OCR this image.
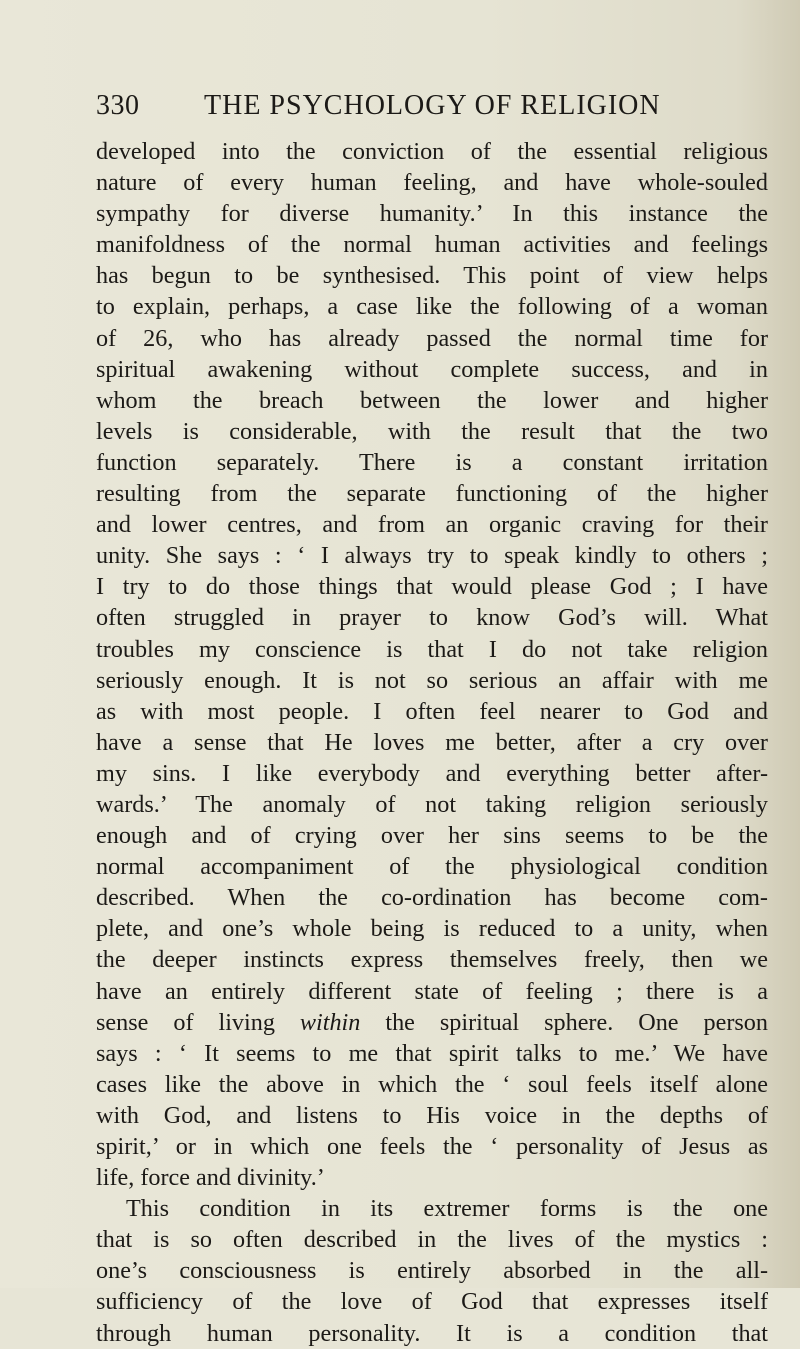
330 THE PSYCHOLOGY OF RELIGION
developed into the conviction of the essential religious
nature of every human feeling, and have whole-souled
sympathy for diverse humanity.’ In this instance the
manifoldness of the normal human activities and feelings
has begun to be synthesised. This point of view helps
to explain, perhaps, a case like the following of a woman
of 26, who has already passed the normal time for
spiritual awakening without complete success, and in
whom the breach between the lower and higher
levels is considerable, with the result that the two
function separately. There is a constant irritation
resulting from the separate functioning of the higher
and lower centres, and from an organic craving for their
unity. She says : ‘ I always try to speak kindly to others ;
I try to do those things that would please God ; I have
often struggled in prayer to know God’s will. What
troubles my conscience is that I do not take religion
seriously enough. It is not so serious an affair with me
as with most people. I often feel nearer to God and
have a sense that He loves me better, after a cry over
my sins. I like everybody and everything better after-
wards.’ The anomaly of not taking religion seriously
enough and of crying over her sins seems to be the
normal accompaniment of the physiological condition
described. When the co-ordination has become com-
plete, and one’s whole being is reduced to a unity, when
the deeper instincts express themselves freely, then we
have an entirely different state of feeling ; there is a
sense of living within the spiritual sphere. One person
says : ‘ It seems to me that spirit talks to me.’ We have
cases like the above in which the ‘ soul feels itself alone
with God, and listens to His voice in the depths of
spirit,’ or in which one feels the ‘ personality of Jesus as
life, force and divinity.’
This condition in its extremer forms is the one
that is so often described in the lives of the mystics :
one’s consciousness is entirely absorbed in the all-
sufficiency of the love of God that expresses itself
through human personality. It is a condition that
